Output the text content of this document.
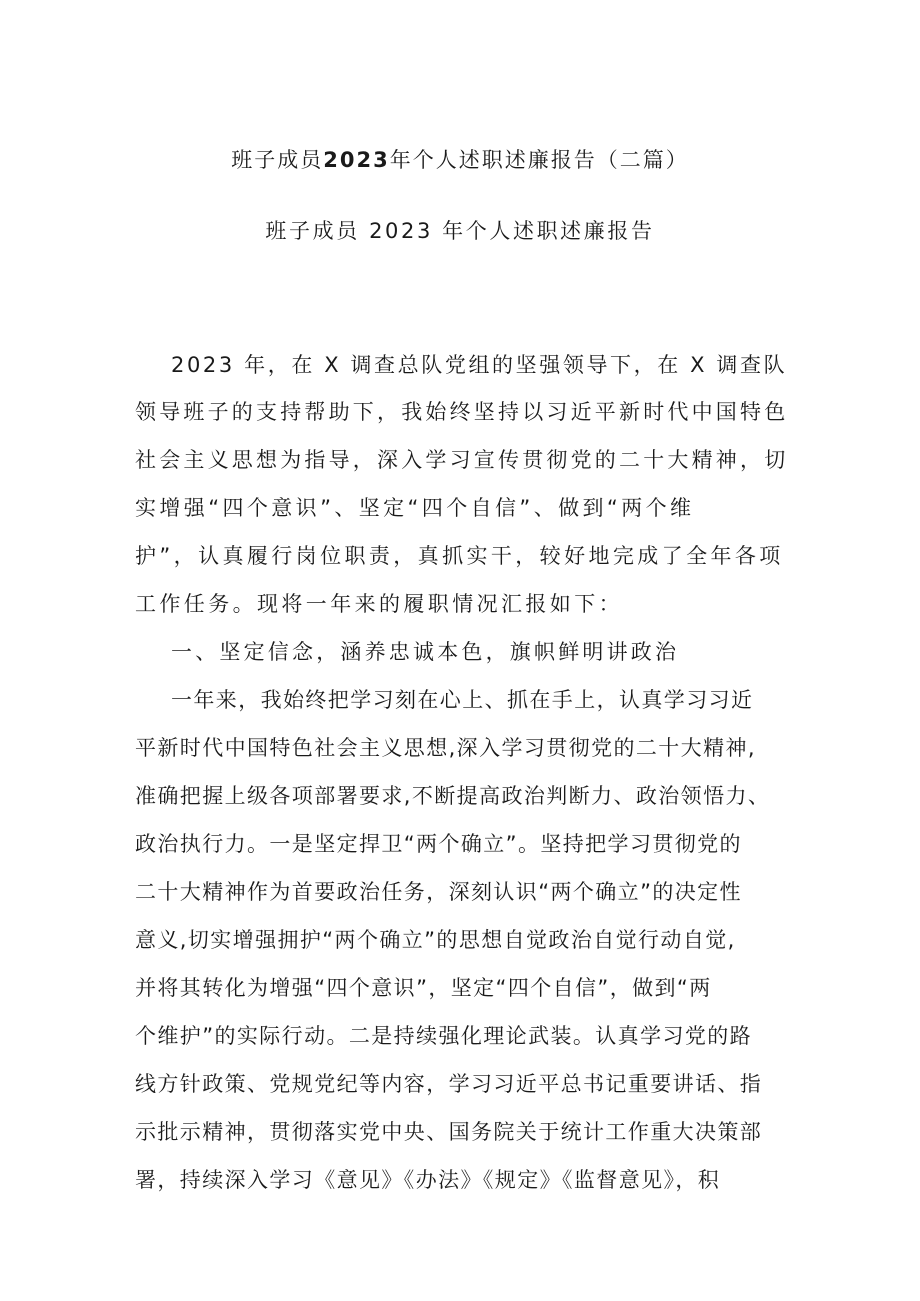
班子成员2023年个人述职述廉报告（二篇）
班子成员 2023 年个人述职述廉报告
2023 年，在 X 调查总队党组的坚强领导下，在 X 调查队
领导班子的支持帮助下，我始终坚持以习近平新时代中国特色
社会主义思想为指导，深入学习宣传贯彻党的二十大精神，切
实增强“四个意识”、坚定“四个自信”、做到“两个维
护”，认真履行岗位职责，真抓实干，较好地完成了全年各项
工作任务。现将一年来的履职情况汇报如下：
一、坚定信念，涵养忠诚本色，旗帜鲜明讲政治
一年来，我始终把学习刻在心上、抓在手上，认真学习习近
平新时代中国特色社会主义思想,深入学习贯彻党的二十大精神,
准确把握上级各项部署要求,不断提高政治判断力、政治领悟力、
政治执行力。一是坚定捍卫“两个确立”。坚持把学习贯彻党的
二十大精神作为首要政治任务，深刻认识“两个确立”的决定性
意义,切实增强拥护“两个确立”的思想自觉政治自觉行动自觉,
并将其转化为增强“四个意识”，坚定“四个自信”，做到“两
个维护”的实际行动。二是持续强化理论武装。认真学习党的路
线方针政策、党规党纪等内容，学习习近平总书记重要讲话、指
示批示精神，贯彻落实党中央、国务院关于统计工作重大决策部
署，持续深入学习《意见》《办法》《规定》《监督意见》，积
